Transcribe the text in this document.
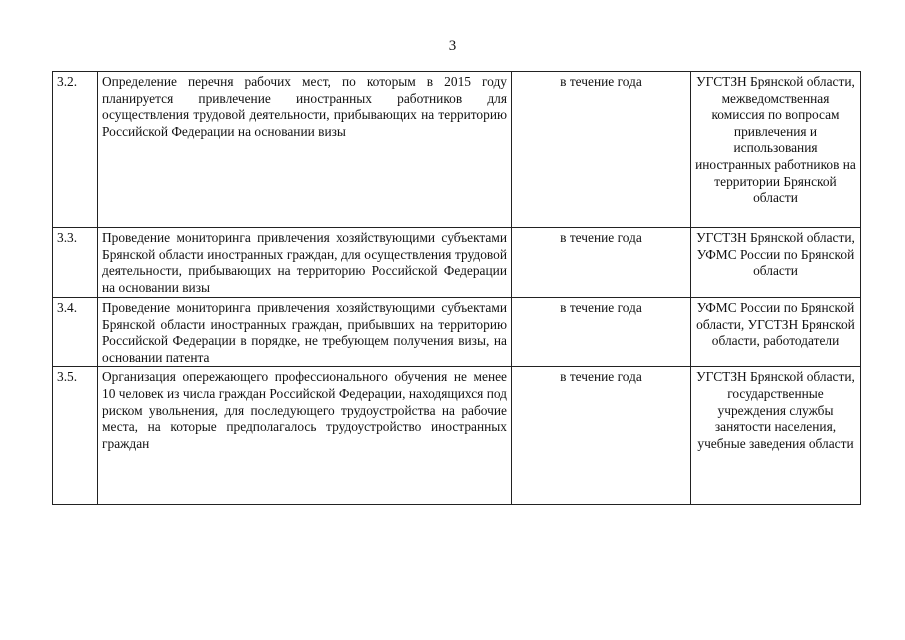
3
3.2.	Определение перечня рабочих мест, по которым в 2015 году планируется привлечение иностранных работников для осуществления трудовой деятельности, прибывающих на территорию Российской Федерации на основании визы	в течение года	УГСТЗН Брянской области, межведомственная комиссия по вопросам привлечения и использования иностранных работников на территории Брянской области
3.3.	Проведение мониторинга привлечения хозяйствующими субъектами Брянской области иностранных граждан, для осуществления трудовой деятельности, прибывающих на территорию Российской Федерации на основании визы	в течение года	УГСТЗН Брянской области, УФМС России по Брянской области
3.4.	Проведение мониторинга привлечения хозяйствующими субъектами Брянской области иностранных граждан, прибывших на территорию Российской Федерации в порядке, не требующем получения визы, на основании патента	в течение года	УФМС России по Брянской области, УГСТЗН Брянской области, работодатели
3.5.	Организация опережающего профессионального обучения не менее 10 человек из числа граждан Российской Федерации, находящихся под риском увольнения, для последующего трудоустройства на рабочие места, на которые предполагалось трудоустройство иностранных граждан	в течение года	УГСТЗН Брянской области, государственные учреждения службы занятости населения, учебные заведения области
